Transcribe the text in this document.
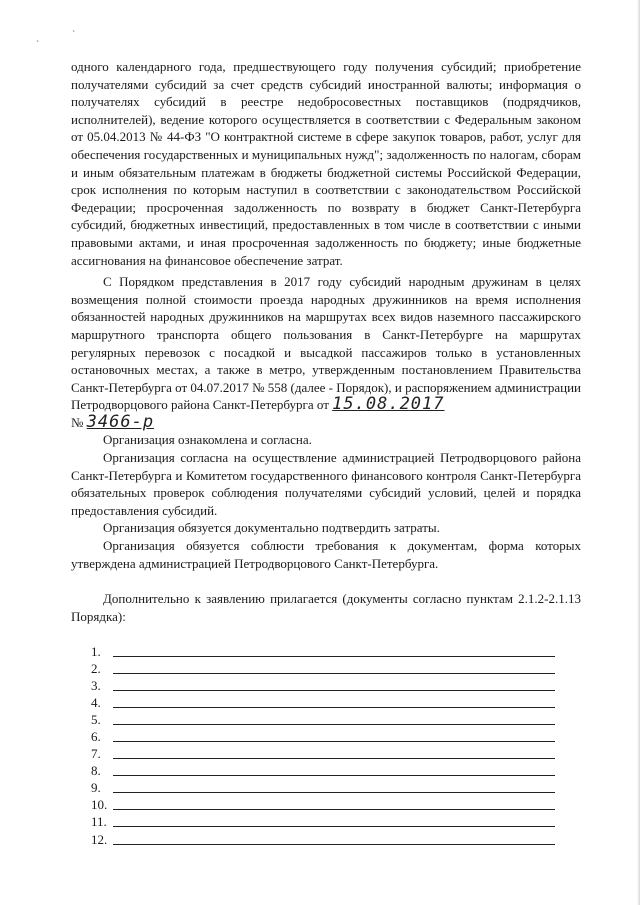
ˋ
ˋ

одного календарного года, предшествующего году получения субсидий; приобретение получателями субсидий за счет средств субсидий иностранной валюты; информация о получателях субсидий в реестре недобросовестных поставщиков (подрядчиков, исполнителей), ведение которого осуществляется в соответствии с Федеральным законом от 05.04.2013 № 44-ФЗ "О контрактной системе в сфере закупок товаров, работ, услуг для обеспечения государственных и муниципальных нужд"; задолженность по налогам, сборам и иным обязательным платежам в бюджеты бюджетной системы Российской Федерации, срок исполнения по которым наступил в соответствии с законодательством Российской Федерации; просроченная задолженность по возврату в бюджет Санкт-Петербурга субсидий, бюджетных инвестиций, предоставленных в том числе в соответствии с иными правовыми актами, и иная просроченная задолженность по бюджету; иные бюджетные ассигнования на финансовое обеспечение затрат.

С Порядком представления в 2017 году субсидий народным дружинам в целях возмещения полной стоимости проезда народных дружинников на время исполнения обязанностей народных дружинников на маршрутах всех видов наземного пассажирского маршрутного транспорта общего пользования в Санкт-Петербурге на маршрутах регулярных перевозок с посадкой и высадкой пассажиров только в установленных остановочных местах, а также в метро, утвержденным постановлением Правительства Санкт-Петербурга от 04.07.2017 № 558 (далее - Порядок), и распоряжением администрации Петродворцового района Санкт-Петербурга от 15.08.2017
№ 3466-р

Организация ознакомлена и согласна.

Организация согласна на осуществление администрацией Петродворцового района Санкт-Петербурга и Комитетом государственного финансового контроля Санкт-Петербурга обязательных проверок соблюдения получателями субсидий условий, целей и порядка предоставления субсидий.

Организация обязуется документально подтвердить затраты.

Организация обязуется соблюсти требования к документам, форма которых утверждена администрацией Петродворцового Санкт-Петербурга.

Дополнительно к заявлению прилагается (документы согласно пунктам 2.1.2-2.1.13 Порядка):

1.
2.
3.
4.
5.
6.
7.
8.
9.
10.
11.
12.
